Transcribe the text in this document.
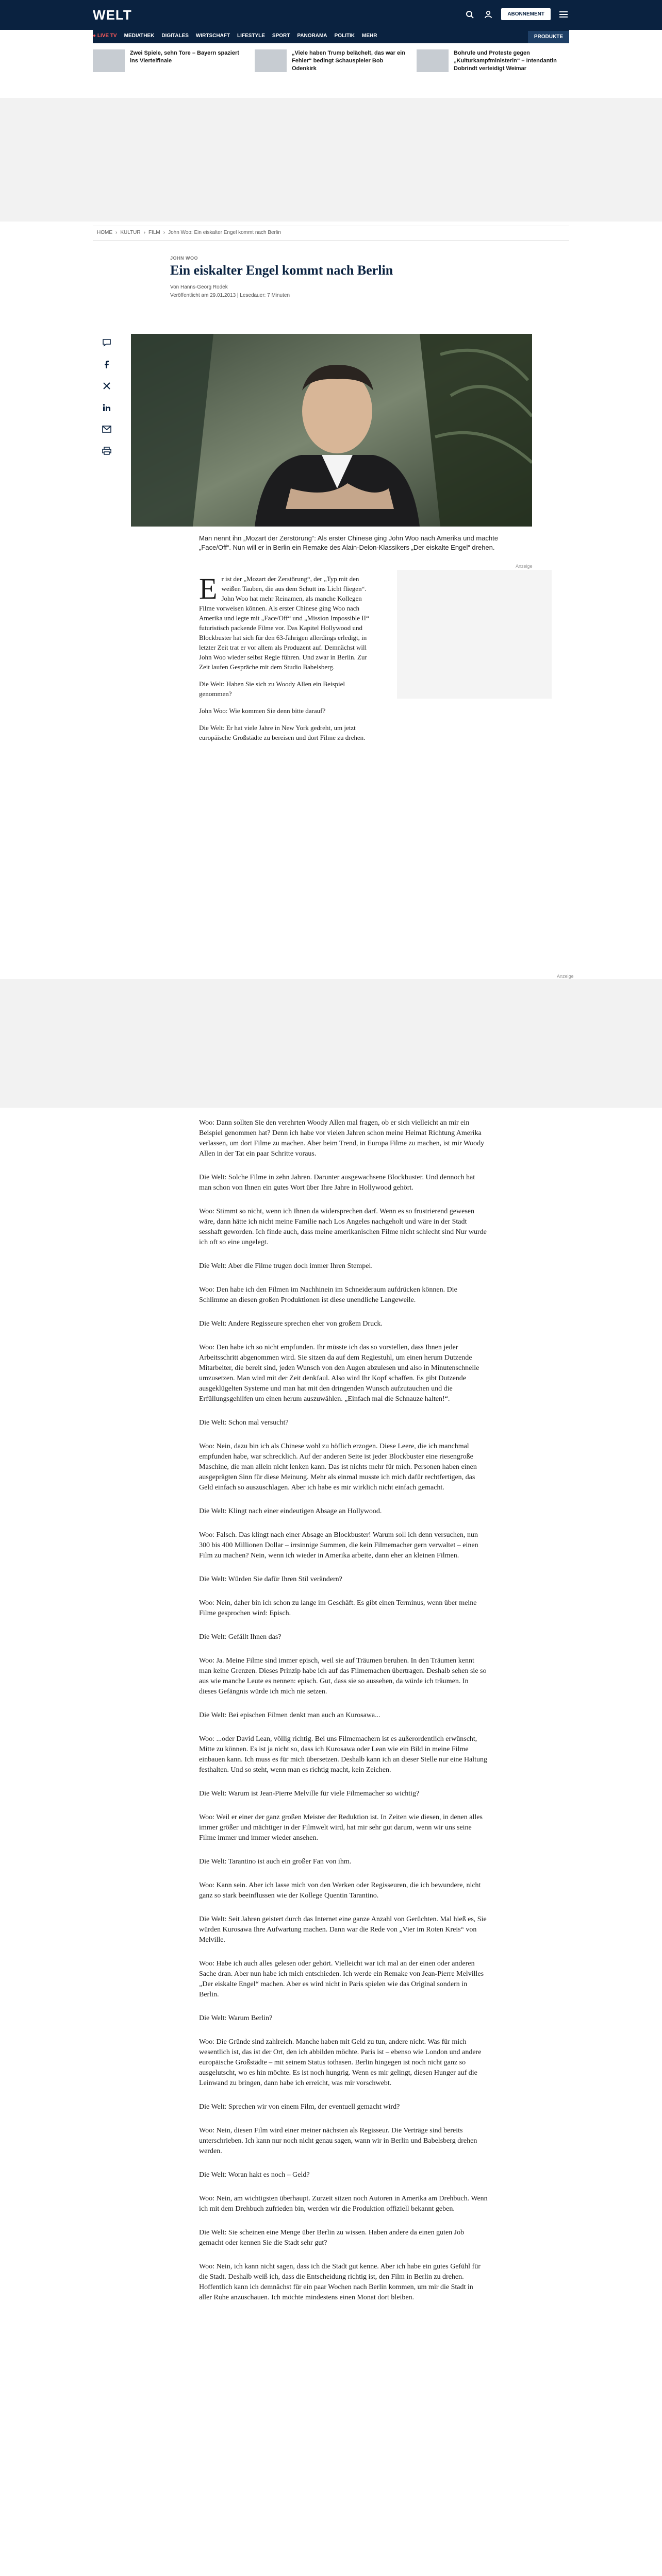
WELT	ABONNEMENT
● LIVE TV MEDIATHEK DIGITALES WIRTSCHAFT LIFESTYLE SPORT PANORAMA POLITIK MEHR	PRODUKTE
Zwei Spiele, sehn Tore – Bayern spaziert ins Viertelfinale
„Viele haben Trump belächelt, das war ein Fehler“ bedingt Schauspieler Bob Odenkirk
Bohrufe und Proteste gegen „Kulturkampfministerin“ – Intendantin Dobrindt verteidigt Weimar
HOME › KULTUR › FILM › John Woo: Ein eiskalter Engel kommt nach Berlin
JOHN WOO
Ein eiskalter Engel kommt nach Berlin
Von Hanns-Georg Rodek
Veröffentlicht am 29.01.2013 | Lesedauer: 7 Minuten
Man nennt ihn „Mozart der Zerstörung“: Als erster Chinese ging John Woo nach Amerika und machte „Face/Off“. Nun will er in Berlin ein Remake des Alain-Delon-Klassikers „Der eiskalte Engel“ drehen.
E r ist der „Mozart der Zerstörung“, der „Typ mit den weißen Tauben, die aus dem Schutt ins Licht fliegen“. John Woo hat mehr Reinamen, als manche Kollegen Filme vorweisen können. Als erster Chinese ging Woo nach Amerika und legte mit „Face/Off“ und „Mission Impossible II“ futuristisch packende Filme vor. Das Kapitel Hollywood und Blockbuster hat sich für den 63-Jährigen allerdings erledigt, in letzter Zeit trat er vor allem als Produzent auf. Demnächst will John Woo wieder selbst Regie führen. Und zwar in Berlin. Zur Zeit laufen Gespräche mit dem Studio Babelsberg.
Die Welt: Haben Sie sich zu Woody Allen ein Beispiel genommen?
John Woo: Wie kommen Sie denn bitte darauf?
Die Welt: Er hat viele Jahre in New York gedreht, um jetzt europäische Großstädte zu bereisen und dort Filme zu drehen.
Anzeige
Anzeige

Woo: Dann sollten Sie den verehrten Woody Allen mal fragen, ob er sich vielleicht an mir ein Beispiel genommen hat? Denn ich habe vor vielen Jahren schon meine Heimat Richtung Amerika verlassen, um dort Filme zu machen. Aber beim Trend, in Europa Filme zu machen, ist mir Woody Allen in der Tat ein paar Schritte voraus.

Die Welt: Solche Filme in zehn Jahren. Darunter ausgewachsene Blockbuster. Und dennoch hat man schon von Ihnen ein gutes Wort über Ihre Jahre in Hollywood gehört.

Woo: Stimmt so nicht, wenn ich Ihnen da widersprechen darf. Wenn es so frustrierend gewesen wäre, dann hätte ich nicht meine Familie nach Los Angeles nachgeholt und wäre in der Stadt sesshaft geworden. Ich finde auch, dass meine amerikanischen Filme nicht schlecht sind Nur wurde ich oft so eine ungelegt.

Die Welt: Aber die Filme trugen doch immer Ihren Stempel.

Woo: Den habe ich den Filmen im Nachhinein im Schneideraum aufdrücken können. Die Schlimme an diesen großen Produktionen ist diese unendliche Langeweile.

Die Welt: Andere Regisseure sprechen eher von großem Druck.

Woo: Den habe ich so nicht empfunden. Ihr müsste ich das so vorstellen, dass Ihnen jeder Arbeitsschritt abgenommen wird. Sie sitzen da auf dem Regiestuhl, um einen herum Dutzende Mitarbeiter, die bereit sind, jeden Wunsch von den Augen abzulesen und also in Minutenschnelle umzusetzen. Man wird mit der Zeit denkfaul. Also wird Ihr Kopf schaffen. Es gibt Dutzende ausgeklügelten Systeme und man hat mit den dringenden Wunsch aufzutauchen und die Erfüllungsgehilfen um einen herum auszuwählen. „Einfach mal die Schnauze halten!“.

Die Welt: Schon mal versucht?

Woo: Nein, dazu bin ich als Chinese wohl zu höflich erzogen. Diese Leere, die ich manchmal empfunden habe, war schrecklich. Auf der anderen Seite ist jeder Blockbuster eine riesengroße Maschine, die man allein nicht lenken kann. Das ist nichts mehr für mich. Personen haben einen ausgeprägten Sinn für diese Meinung. Mehr als einmal musste ich mich dafür rechtfertigen, das Geld einfach so auszuschlagen. Aber ich habe es mir wirklich nicht einfach gemacht.

Die Welt: Klingt nach einer eindeutigen Absage an Hollywood.

Woo: Falsch. Das klingt nach einer Absage an Blockbuster! Warum soll ich denn versuchen, nun 300 bis 400 Millionen Dollar – irrsinnige Summen, die kein Filmemacher gern verwaltet – einen Film zu machen? Nein, wenn ich wieder in Amerika arbeite, dann eher an kleinen Filmen.

Die Welt: Würden Sie dafür Ihren Stil verändern?

Woo: Nein, daher bin ich schon zu lange im Geschäft. Es gibt einen Terminus, wenn über meine Filme gesprochen wird: Episch.

Die Welt: Gefällt Ihnen das?

Woo: Ja. Meine Filme sind immer episch, weil sie auf Träumen beruhen. In den Träumen kennt man keine Grenzen. Dieses Prinzip habe ich auf das Filmemachen übertragen. Deshalb sehen sie so aus wie manche Leute es nennen: episch. Gut, dass sie so aussehen, da würde ich träumen. In dieses Gefängnis würde ich mich nie setzen.

Die Welt: Bei epischen Filmen denkt man auch an Kurosawa...

Woo: ...oder David Lean, völlig richtig. Bei uns Filmemachern ist es außerordentlich erwünscht, Mitte zu können. Es ist ja nicht so, dass ich Kurosawa oder Lean wie ein Bild in meine Filme einbauen kann. Ich muss es für mich übersetzen. Deshalb kann ich an dieser Stelle nur eine Haltung festhalten. Und so steht, wenn man es richtig macht, kein Zeichen.

Die Welt: Warum ist Jean-Pierre Melville für viele Filmemacher so wichtig?

Woo: Weil er einer der ganz großen Meister der Reduktion ist. In Zeiten wie diesen, in denen alles immer größer und mächtiger in der Filmwelt wird, hat mir sehr gut darum, wenn wir uns seine Filme immer und immer wieder ansehen.

Die Welt: Tarantino ist auch ein großer Fan von ihm.

Woo: Kann sein. Aber ich lasse mich von den Werken oder Regisseuren, die ich bewundere, nicht ganz so stark beeinflussen wie der Kollege Quentin Tarantino.

Die Welt: Seit Jahren geistert durch das Internet eine ganze Anzahl von Gerüchten. Mal hieß es, Sie würden Kurosawa Ihre Aufwartung machen. Dann war die Rede von „Vier im Roten Kreis“ von Melville.

Woo: Habe ich auch alles gelesen oder gehört. Vielleicht war ich mal an der einen oder anderen Sache dran. Aber nun habe ich mich entschieden. Ich werde ein Remake von Jean-Pierre Melvilles „Der eiskalte Engel“ machen. Aber es wird nicht in Paris spielen wie das Original sondern in Berlin.

Die Welt: Warum Berlin?

Woo: Die Gründe sind zahlreich. Manche haben mit Geld zu tun, andere nicht. Was für mich wesentlich ist, das ist der Ort, den ich abbilden möchte. Paris ist – ebenso wie London und andere europäische Großstädte – mit seinem Status tothasen. Berlin hingegen ist noch nicht ganz so ausgelutscht, wo es hin möchte. Es ist noch hungrig. Wenn es mir gelingt, diesen Hunger auf die Leinwand zu bringen, dann habe ich erreicht, was mir vorschwebt.

Die Welt: Sprechen wir von einem Film, der eventuell gemacht wird?

Woo: Nein, diesen Film wird einer meiner nächsten als Regisseur. Die Verträge sind bereits unterschrieben. Ich kann nur noch nicht genau sagen, wann wir in Berlin und Babelsberg drehen werden.

Die Welt: Woran hakt es noch – Geld?

Woo: Nein, am wichtigsten überhaupt. Zurzeit sitzen noch Autoren in Amerika am Drehbuch. Wenn ich mit dem Drehbuch zufrieden bin, werden wir die Produktion offiziell bekannt geben.

Die Welt: Sie scheinen eine Menge über Berlin zu wissen. Haben andere da einen guten Job gemacht oder kennen Sie die Stadt sehr gut?

Woo: Nein, ich kann nicht sagen, dass ich die Stadt gut kenne. Aber ich habe ein gutes Gefühl für die Stadt. Deshalb weiß ich, dass die Entscheidung richtig ist, den Film in Berlin zu drehen. Hoffentlich kann ich demnächst für ein paar Wochen nach Berlin kommen, um mir die Stadt in aller Ruhe anzuschauen. Ich möchte mindestens einen Monat dort bleiben.
